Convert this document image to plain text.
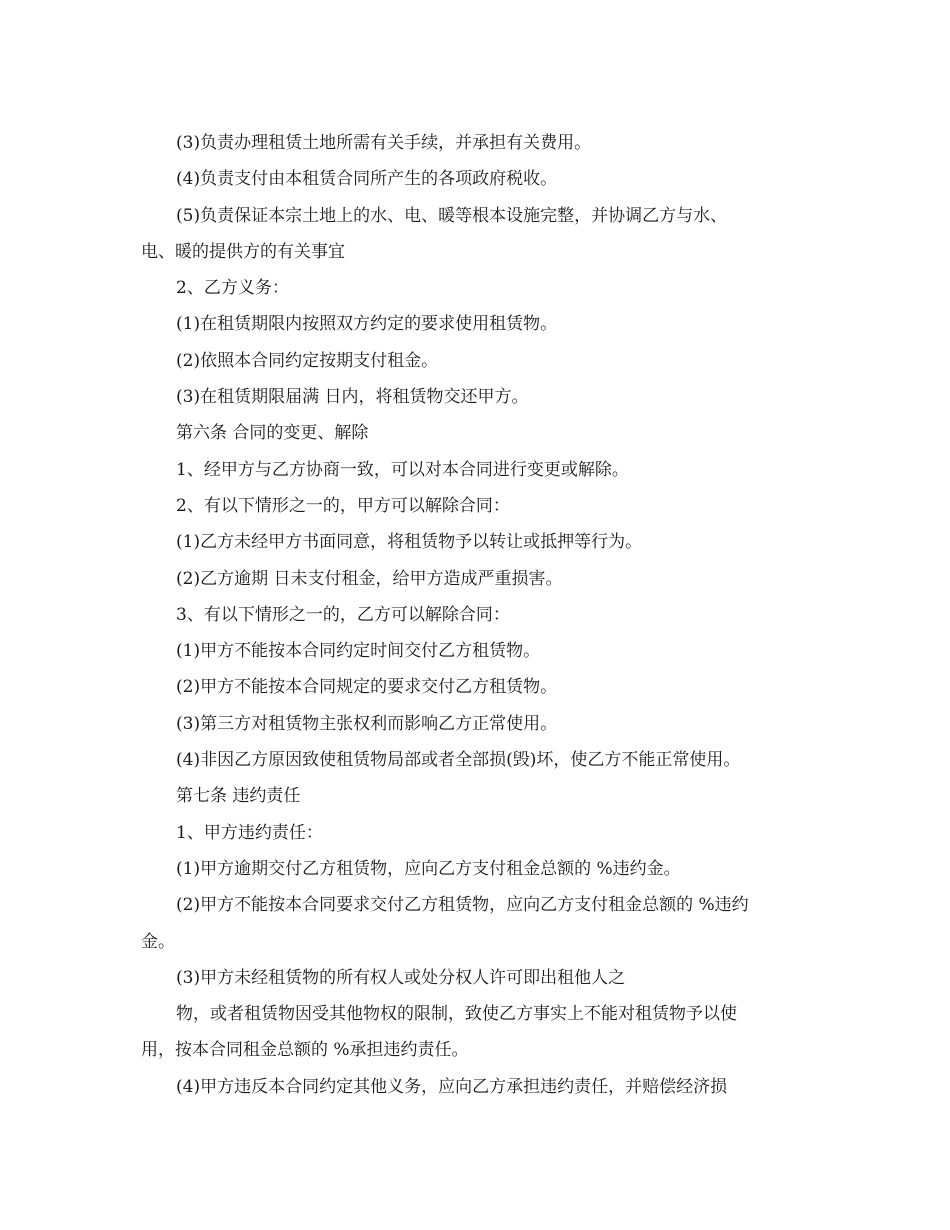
(3)负责办理租赁土地所需有关手续，并承担有关费用。

(4)负责支付由本租赁合同所产生的各项政府税收。

(5)负责保证本宗土地上的水、电、暖等根本设施完整，并协调乙方与水、

电、暖的提供方的有关事宜

2、乙方义务：

(1)在租赁期限内按照双方约定的要求使用租赁物。

(2)依照本合同约定按期支付租金。

(3)在租赁期限届满 日内，将租赁物交还甲方。

第六条 合同的变更、解除

1、经甲方与乙方协商一致，可以对本合同进行变更或解除。

2、有以下情形之一的，甲方可以解除合同：

(1)乙方未经甲方书面同意，将租赁物予以转让或抵押等行为。

(2)乙方逾期 日未支付租金，给甲方造成严重损害。

3、有以下情形之一的，乙方可以解除合同：

(1)甲方不能按本合同约定时间交付乙方租赁物。

(2)甲方不能按本合同规定的要求交付乙方租赁物。

(3)第三方对租赁物主张权利而影响乙方正常使用。

(4)非因乙方原因致使租赁物局部或者全部损(毁)坏，使乙方不能正常使用。

第七条 违约责任

1、甲方违约责任：

(1)甲方逾期交付乙方租赁物，应向乙方支付租金总额的 %违约金。

(2)甲方不能按本合同要求交付乙方租赁物，应向乙方支付租金总额的 %违约

金。

(3)甲方未经租赁物的所有权人或处分权人许可即出租他人之

物，或者租赁物因受其他物权的限制，致使乙方事实上不能对租赁物予以使

用，按本合同租金总额的 %承担违约责任。

(4)甲方违反本合同约定其他义务，应向乙方承担违约责任，并赔偿经济损
